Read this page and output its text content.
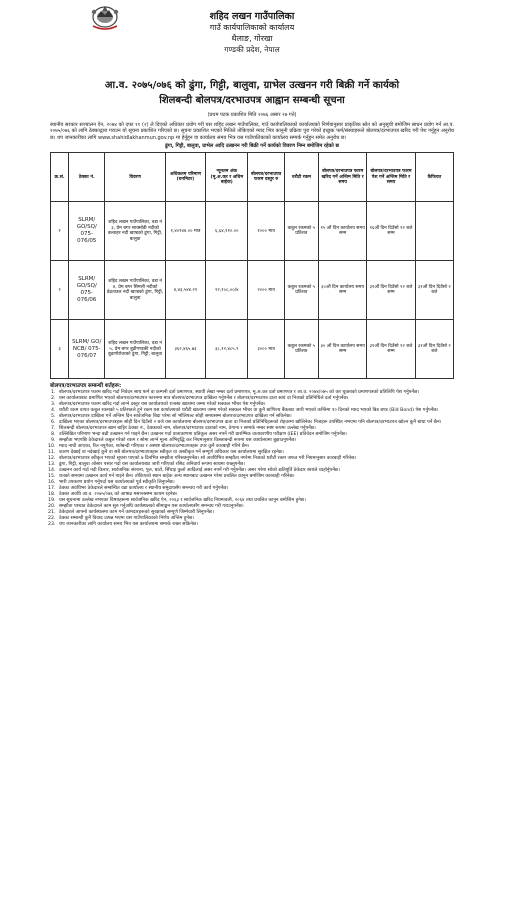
शहिद लखन गाउँपालिका
गाउँ कार्यपालिकाको कार्यालय
थैलाङ, गोरखा
गण्डकी प्रदेश, नेपाल
आ.व. २०७५/०७६ को ढुंगा, गिट्टी, बालुवा, ग्राभेल उत्खनन गरी बिक्री गर्ने कार्यको
शिलबन्दी बोलपत्र/दरभाउपत्र आह्वान सम्बन्धी सूचना
(प्रथम पटक प्रकाशित मिति २०७६ असार २७ गते)
स्थानीय सरकार सञ्चालन ऐन, २०७४ को दफा ११ (२) ले दिएको अधिकार प्रयोग गरी यस शहिद लखन गाउँपालिका, गाउँ कार्यपालिकाको कार्यालयको निर्णयानुसार प्राकृतिक स्रोत को अनुसूची बमोजिम साधन प्रयोग गर्न आ.व. २०७५/०७६ को लागि ठेक्काद्वारा गराउन यो सूचना प्रकाशित गरिएको छ। सूचना प्रकाशित भएको मितिले तोकिएको म्याद भित्र कानुनी प्रक्रिया पुरा गरेको इच्छुक फर्म/संस्थाहरूले बोलपत्र/दरभाउपत्र खरिद गरी पेश गर्नुहुन अनुरोध छ। थप जानकारीका लागि www.shahidlakhanmun.gov.np मा हेर्नुहुन वा कार्यालय समय भित्र यस गाउँपालिकाको कार्यालय सम्पर्क गर्नुहुन समेत अनुरोध छ।
ढुंगा, गिट्टी, बालुवा, ग्राभेल आदि उत्खनन गरी बिक्री गर्ने कार्यको विवरण निम्न बमोजिम रहेको छ
क्र.सं.	ठेक्का नं.	विवरण	अधिकतम परिमाण (घनमिटर)	न्यूनतम अंक (मू.अ.कर र अधिम बाहेक)	बोलपत्र/दरभाउपत्र फारम दस्तुर रु	धरौटी रकम	बोलपत्र/दरभाउपत्र फारम खरिद गर्ने अन्तिम मिति र समय	बोलपत्र/दरभाउपत्र फारम पेश गर्ने अन्तिम मिति र समय	कैफियत
१	SLRM/ GO/SQ/ 075- 076/05	शहिद लखन गाउँपालिका, वडा नं ३, प्रेम बगर साक्सोडी नदीको डल्ताहर नदी खण्डको ढुंगा, गिट्टी, बालुवा	१,४०१४४.०० मात्र	६,६४,११०.००	१००० मात्र	कबुल रकमको ५ प्रतिशत	१५ औं दिन कार्यालय समय सम्म	१६औं दिन दिउँसो १२ बजे सम्म	
२	SLRM/ GO/SQ/ 075- 076/06	शहिद लखन गाउँपालिका, वडा नं ४, प्रेम बगर सिमली नदीको डेढताउल नदी खण्डको ढुंगा, गिट्टी, बालुवा	४,४३,५४४.२१	२२,१०८,००/४	२००० मात्र	कबुल रकमको ५ प्रतिशत	३०औं दिन कार्यालय समय सम्म	३१औं दिन दिउँसो १२ बजे सम्म	३१औं दिन दिउँसो २ बजे
३	SLRM/ GO/ NCB/ 075- 076/07	शहिद लखन गाउँपालिका, वडा नं ५, प्रेम बगर बुढीगण्डकी नदीको बुढागौरोवरको ढुंगा, गिट्टी, बालुवा	३६२,४६५.७३	३८,१२,४८५.९	३००० मात्र	कबुल रकमको ५ प्रतिशत	३० औं दिन कार्यालय समय सम्म	३१औं दिन दिउँसो १२ बजे सम्म	३१औं दिन दिउँसो २ बजे
बोलपत्र/दरभाउपत्र सम्बन्धी शर्तहरू:
1. बोलपत्र/दरभाउपत्र फारम खरिद गर्दा निवेदन साथ फर्म वा कम्पनी दर्ता प्रमाणपत्र, स्थायी लेखा नम्बर दर्ता प्रमाणपत्र, मू.अ.कर दर्ता प्रमाणपत्र र आ.व. २०७४/०७५ को कर चुक्ताको प्रमाणपत्रको प्रतिलिपि पेश गर्नुपर्नेछ।
2. यस कार्यालयबाट प्रमाणित भएको बोलपत्र/दरभाउपत्र फारममा मात्र बोलपत्र/दरभाउपत्र दाखिला गर्नुपर्नेछ र बोलपत्र/दरभाउपत्र दाता स्वयं वा निजको प्रतिनिधिले दर्ता गर्नुपर्नेछ।
3. बोलपत्र/दरभाउपत्र फारम खरिद गर्दा लाग्ने दस्तुर यस कार्यालयको राजस्व खातामा जम्मा गरेको सक्कल भौचर पेश गर्नुपर्नेछ।
4. धरौटी रकम वापत कबुल रकमको ५ प्रतिशतले हुने रकम यस कार्यालयको धरौटी खातामा जम्मा गरेको सक्कल भौचर वा कुनै बाणिज्य बैंकबाट जारी भएको कम्तिमा ९० दिनको म्याद भएको बिड बण्ड (Bid Bond) पेश गर्नुपर्नेछ।
5. बोलपत्र/दरभाउपत्र दाखिला गर्ने अन्तिम दिन सार्वजनिक बिदा परेमा सो भोलिपल्ट सोही समयसम्म बोलपत्र/दरभाउपत्र दाखिला गर्न सकिनेछ।
6. दाखिला भएका बोलपत्र/दरभाउपत्रहरू सोही दिन दिउँसो २ बजे यस कार्यालयमा बोलपत्र/दरभाउपत्र दाता वा निजको प्रतिनिधिहरूको रोहवरमा खोलिनेछ। निजहरू उपस्थित नभएमा पनि बोलपत्र/दरभाउपत्र खोल्न कुनै बाधा पर्ने छैन।
7. शिलबन्दी बोलपत्र/दरभाउपत्र खाम बाहिर ठेक्का नं., ठेक्काको नाम, बोलपत्र/दरभाउपत्र दाताको नाम, ठेगाना र सम्पर्क नम्बर स्पष्ट रूपमा उल्लेख गर्नुपर्नेछ।
8. उल्लिखित परिमाण भन्दा बढी उत्खनन गर्न पाइने छैन। उत्खनन गर्दा वातावरणमा प्रतिकूल असर नपर्ने गरी प्रारम्भिक वातावरणीय परीक्षण (IEE) प्रतिवेदन बमोजिम गर्नुपर्नेछ।
9. सम्झौता भएपछि ठेकेदारले कबुल गरेको रकम र सोमा लाग्ने मूल्य अभिवृद्धि कर नियमानुसार किस्ताबन्दी रूपमा यस कार्यालयमा बुझाउनुपर्नेछ।
10. म्याद नाघी आएका, रित नपुगेका, शर्तबन्दी गरिएका र अस्पष्ट बोलपत्र/दरभाउपत्रहरू उपर कुनै कारबाही गरिने छैन।
11. कारण देखाई वा नदेखाई कुनै वा सबै बोलपत्र/दरभाउपत्रहरू स्वीकृत वा अस्वीकृत गर्ने सम्पूर्ण अधिकार यस कार्यालयमा सुरक्षित रहनेछ।
12. बोलपत्र/दरभाउपत्र स्वीकृत भएको सूचना पाएको ७ दिनभित्र सम्झौता गरिसक्नुपर्नेछ। सो अवधिभित्र सम्झौता नगरेमा निजको धरौटी रकम जफत गरी नियमानुसार कारबाही गरिनेछ।
13. ढुंगा, गिट्टी, बालुवा ओसार पसार गर्दा यस कार्यालयबाट जारी गरिएको रसिद अनिवार्य रूपमा साथमा राख्नुपर्नेछ।
14. उत्खनन कार्य गर्दा नदी किनार, सार्वजनिक संरचना, पुल, बाटो, सिँचाइ कुलो आदिलाई असर नपर्ने गरी गर्नुपर्नेछ। असर परेमा सोको क्षतिपूर्ति ठेकेदार स्वयंले व्यहोर्नुपर्नेछ।
15. रातको समयमा उत्खनन कार्य गर्न पाइने छैन। तोकिएको स्थान बाहेक अन्य स्थानबाट उत्खनन गरेमा प्रचलित कानुन बमोजिम कारबाही गरिनेछ।
16. भारी उपकरण प्रयोग गर्नुपर्दा यस कार्यालयको पूर्व स्वीकृति लिनुपर्नेछ।
17. ठेक्का अवधिभर ठेकेदारले सम्बन्धित वडा कार्यालय र स्थानीय समुदायसँग समन्वय गरी कार्य गर्नुपर्नेछ।
18. ठेक्का अवधि आ.व. २०७५/०७६ को आषाढ मसान्तसम्म कायम रहनेछ।
19. यस सूचनामा उल्लेख नभएका विषयहरूमा सार्वजनिक खरिद ऐन, २०६३ र सार्वजनिक खरिद नियमावली, २०६४ तथा प्रचलित कानुन बमोजिम हुनेछ।
20. सम्झौता पश्चात ठेकेदारले काम सुरु गर्नुअघि कार्यस्थलको सीमाङ्कन यस कार्यालयसँग समन्वय गरी गराउनुपर्नेछ।
21. ठेकेदारले आफ्नो कार्यस्थलमा काम गर्ने कामदारहरूको सुरक्षाको सम्पूर्ण जिम्मेवारी लिनुपर्नेछ।
22. ठेक्का सम्बन्धी कुनै विवाद उत्पन्न भएमा यस गाउँपालिकाको निर्णय अन्तिम हुनेछ।
23. थप जानकारीका लागि कार्यालय समय भित्र यस कार्यालयमा सम्पर्क राख्न सकिनेछ।
